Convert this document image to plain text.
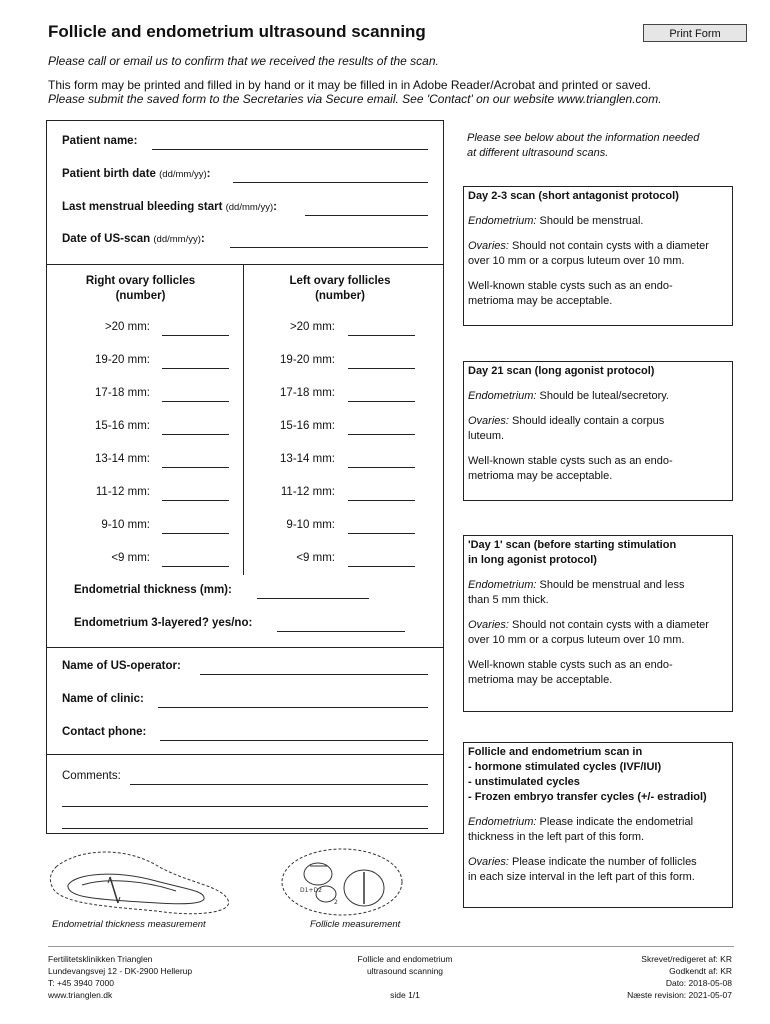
Follicle and endometrium ultrasound scanning	Print Form
Please call or email us to confirm that we received the results of the scan.
This form may be printed and filled in by hand or it may be filled in in Adobe Reader/Acrobat and printed or saved.
Please submit the saved form to the Secretaries via Secure email. See 'Contact' on our website www.trianglen.com.
Patient name:
Patient birth date (dd/mm/yy):
Last menstrual bleeding start (dd/mm/yy):
Date of US-scan (dd/mm/yy):
Right ovary follicles
(number)
Left ovary follicles
(number)
>20 mm:	>20 mm:
19-20 mm:	19-20 mm:
17-18 mm:	17-18 mm:
15-16 mm:	15-16 mm:
13-14 mm:	13-14 mm:
11-12 mm:	11-12 mm:
9-10 mm:	9-10 mm:
<9 mm:	<9 mm:
Endometrial thickness (mm):
Endometrium 3-layered? yes/no:
Name of US-operator:
Name of clinic:
Contact phone:
Comments:
D1+D2
2
Endometrial thickness measurement	Follicle measurement
Please see below about the information needed
at different ultrasound scans.
Day 2-3 scan (short antagonist protocol)

Endometrium: Should be menstrual.

Ovaries: Should not contain cysts with a diameter

over 10 mm or a corpus luteum over 10 mm.

Well-known stable cysts such as an endo-

metrioma may be acceptable.

Day 21 scan (long agonist protocol)

Endometrium: Should be luteal/secretory.

Ovaries: Should ideally contain a corpus

luteum.

Well-known stable cysts such as an endo-

metrioma may be acceptable.

'Day 1' scan (before starting stimulation
in long agonist protocol)

Endometrium: Should be menstrual and less

than 5 mm thick.

Ovaries: Should not contain cysts with a diameter

over 10 mm or a corpus luteum over 10 mm.

Well-known stable cysts such as an endo-

metrioma may be acceptable.

Follicle and endometrium scan in
- hormone stimulated cycles (IVF/IUI)
- unstimulated cycles
- Frozen embryo transfer cycles (+/- estradiol)

Endometrium: Please indicate the endometrial

thickness in the left part of this form.

Ovaries: Please indicate the number of follicles

in each size interval in the left part of this form.

Fertilitetsklinikken Trianglen
Lundevangsvej 12 - DK-2900 Hellerup
T: +45 3940 7000
www.trianglen.dk
Follicle and endometrium
ultrasound scanning

side 1/1
Skrevet/redigeret af: KR
Godkendt af: KR
Dato: 2018-05-08
Næste revision: 2021-05-07
